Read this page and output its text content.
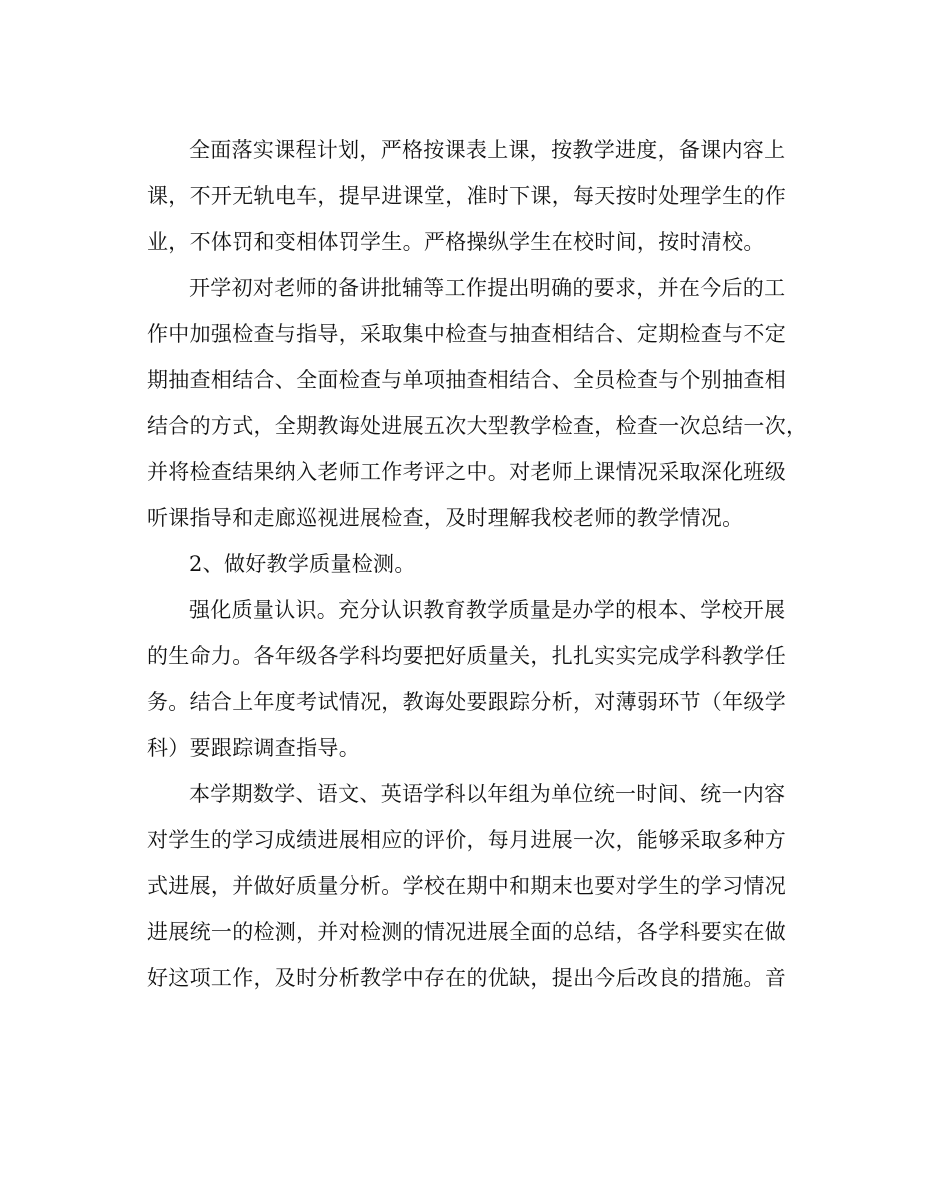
全面落实课程计划，严格按课表上课，按教学进度，备课内容上
课，不开无轨电车，提早进课堂，准时下课，每天按时处理学生的作
业，不体罚和变相体罚学生。严格操纵学生在校时间，按时清校。
开学初对老师的备讲批辅等工作提出明确的要求，并在今后的工
作中加强检查与指导，采取集中检查与抽查相结合、定期检查与不定
期抽查相结合、全面检查与单项抽查相结合、全员检查与个别抽查相
结合的方式，全期教诲处进展五次大型教学检查，检查一次总结一次，
并将检查结果纳入老师工作考评之中。对老师上课情况采取深化班级
听课指导和走廊巡视进展检查，及时理解我校老师的教学情况。
2、做好教学质量检测。
强化质量认识。充分认识教育教学质量是办学的根本、学校开展
的生命力。各年级各学科均要把好质量关，扎扎实实完成学科教学任
务。结合上年度考试情况，教诲处要跟踪分析，对薄弱环节（年级学
科）要跟踪调查指导。
本学期数学、语文、英语学科以年组为单位统一时间、统一内容
对学生的学习成绩进展相应的评价，每月进展一次，能够采取多种方
式进展，并做好质量分析。学校在期中和期末也要对学生的学习情况
进展统一的检测，并对检测的情况进展全面的总结，各学科要实在做
好这项工作，及时分析教学中存在的优缺，提出今后改良的措施。音
